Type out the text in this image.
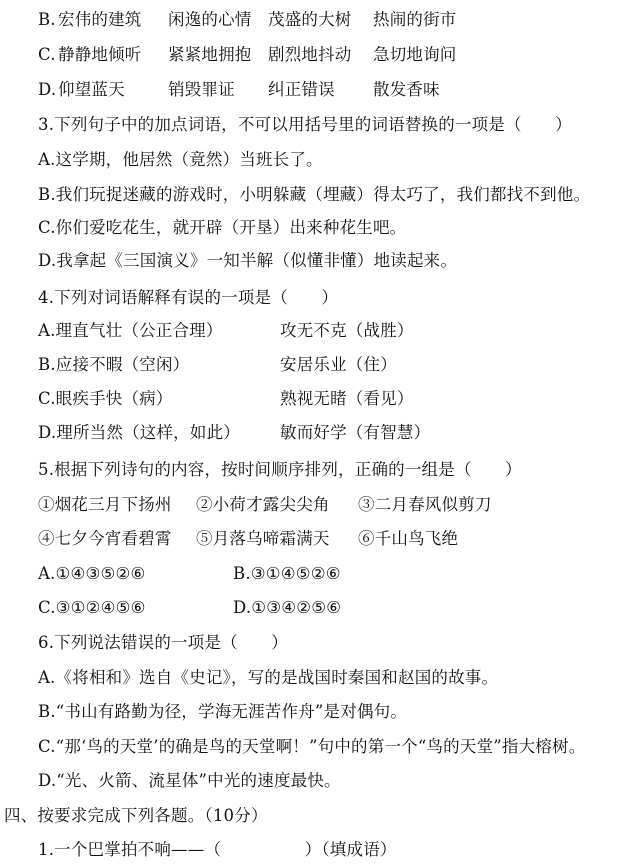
B. 宏伟的建筑 闲逸的心情 茂盛的大树 热闹的街市
C. 静静地倾听 紧紧地拥抱 剧烈地抖动 急切地询问
D. 仰望蓝天	销毁罪证 纠正错误 散发香味
3.下列句子中的加点词语，不可以用括号里的词语替换的一项是（　　）
A.这学期，他居然（竟然）当班长了。
B.我们玩捉迷藏的游戏时，小明躲藏（埋藏）得太巧了，我们都找不到他。
C.你们爱吃花生，就开辟（开垦）出来种花生吧。
D.我拿起《三国演义》一知半解（似懂非懂）地读起来。
4.下列对词语解释有误的一项是（　　）
A.理直气壮（公正合理）	攻无不克（战胜）
B.应接不暇（空闲）	安居乐业（住）
C.眼疾手快（病）	熟视无睹（看见）
D.理所当然（这样，如此） 敏而好学（有智慧）
5.根据下列诗句的内容，按时间顺序排列，正确的一组是（　　）
①烟花三月下扬州 ②小荷才露尖尖角 ③二月春风似剪刀
④七夕今宵看碧霄 ⑤月落乌啼霜满天 ⑥千山鸟飞绝
A.①④③⑤②⑥	B.③①④⑤②⑥
C.③①②④⑤⑥	D.①③④②⑤⑥
6.下列说法错误的一项是（　　）
A.《将相和》选自《史记》，写的是战国时秦国和赵国的故事。
B.“书山有路勤为径，学海无涯苦作舟”是对偶句。
C.“那‘鸟的天堂’的确是鸟的天堂啊！”句中的第一个“鸟的天堂”指大榕树。
D.“光、火箭、流星体”中光的速度最快。
四、按要求完成下列各题。（10分）
1.一个巴掌拍不响——（　　　　　）（填成语）
